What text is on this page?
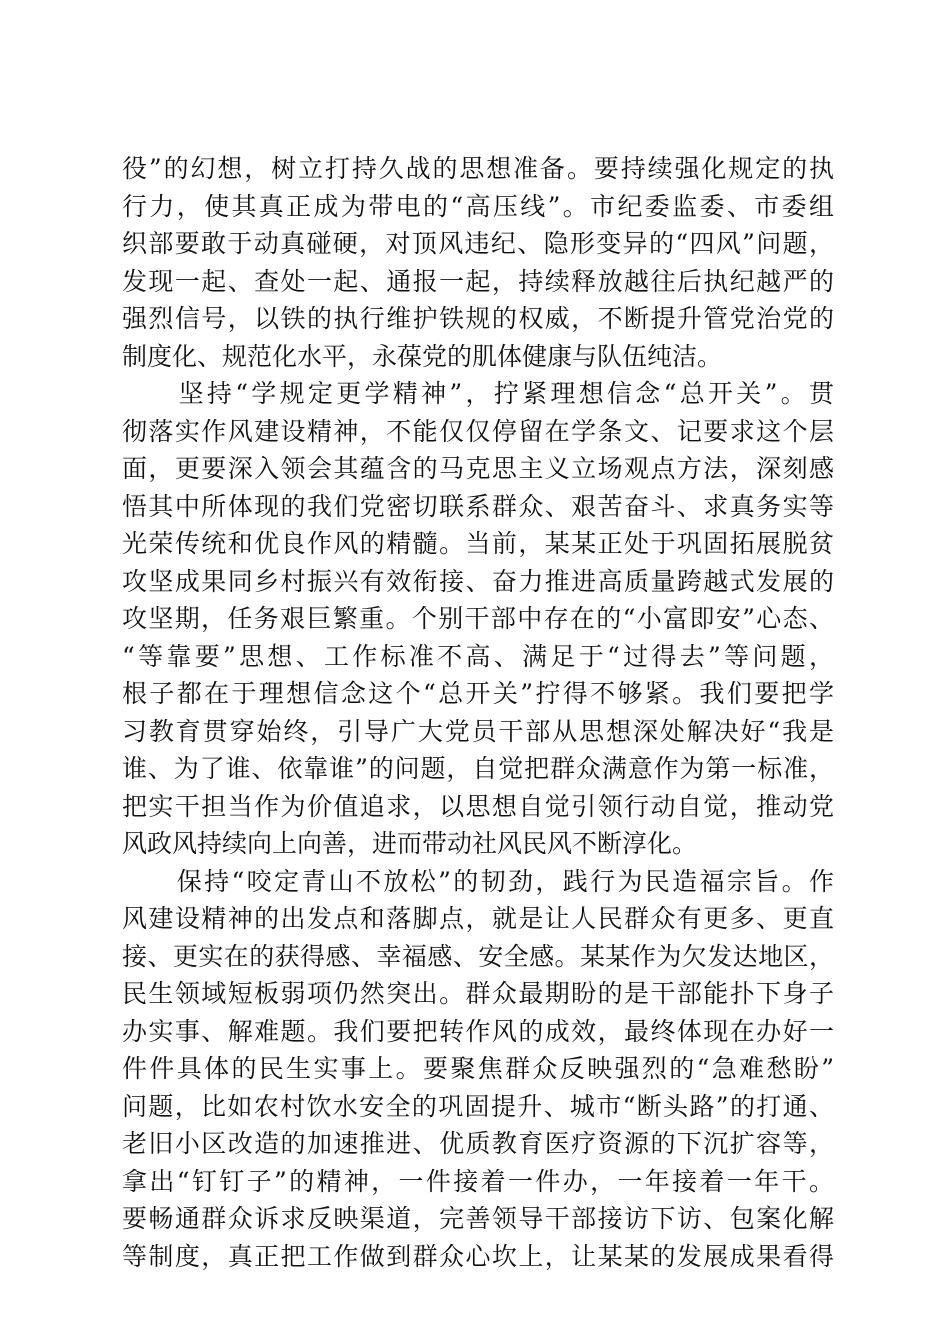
役”的幻想，树立打持久战的思想准备。要持续强化规定的执
行力，使其真正成为带电的“高压线”。市纪委监委、市委组
织部要敢于动真碰硬，对顶风违纪、隐形变异的“四风”问题，
发现一起、查处一起、通报一起，持续释放越往后执纪越严的
强烈信号，以铁的执行维护铁规的权威，不断提升管党治党的
制度化、规范化水平，永葆党的肌体健康与队伍纯洁。
　　坚持“学规定更学精神”，拧紧理想信念“总开关”。贯
彻落实作风建设精神，不能仅仅停留在学条文、记要求这个层
面，更要深入领会其蕴含的马克思主义立场观点方法，深刻感
悟其中所体现的我们党密切联系群众、艰苦奋斗、求真务实等
光荣传统和优良作风的精髓。当前，某某正处于巩固拓展脱贫
攻坚成果同乡村振兴有效衔接、奋力推进高质量跨越式发展的
攻坚期，任务艰巨繁重。个别干部中存在的“小富即安”心态、
“等靠要”思想、工作标准不高、满足于“过得去”等问题，
根子都在于理想信念这个“总开关”拧得不够紧。我们要把学
习教育贯穿始终，引导广大党员干部从思想深处解决好“我是
谁、为了谁、依靠谁”的问题，自觉把群众满意作为第一标准，
把实干担当作为价值追求，以思想自觉引领行动自觉，推动党
风政风持续向上向善，进而带动社风民风不断淳化。
　　保持“咬定青山不放松”的韧劲，践行为民造福宗旨。作
风建设精神的出发点和落脚点，就是让人民群众有更多、更直
接、更实在的获得感、幸福感、安全感。某某作为欠发达地区，
民生领域短板弱项仍然突出。群众最期盼的是干部能扑下身子
办实事、解难题。我们要把转作风的成效，最终体现在办好一
件件具体的民生实事上。要聚焦群众反映强烈的“急难愁盼”
问题，比如农村饮水安全的巩固提升、城市“断头路”的打通、
老旧小区改造的加速推进、优质教育医疗资源的下沉扩容等，
拿出“钉钉子”的精神，一件接着一件办，一年接着一年干。
要畅通群众诉求反映渠道，完善领导干部接访下访、包案化解
等制度，真正把工作做到群众心坎上，让某某的发展成果看得
